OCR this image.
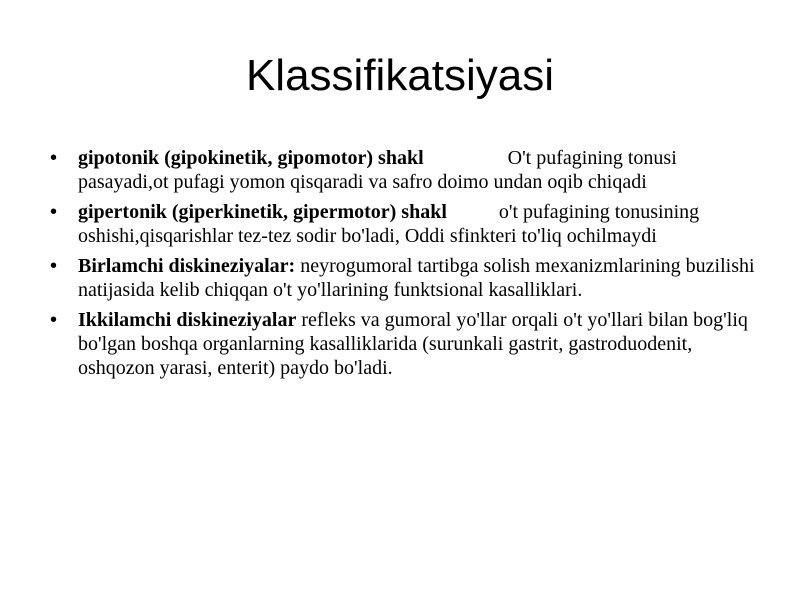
Klassifikatsiyasi
• gipotonik (gipokinetik, gipomotor) shakl	O't pufagining tonusi pasayadi,ot pufagi yomon qisqaradi va safro doimo undan oqib chiqadi
• gipertonik (giperkinetik, gipermotor) shakl	o't pufagining tonusining oshishi,qisqarishlar tez-tez sodir bo'ladi, Oddi sfinkteri to'liq ochilmaydi
• Birlamchi diskineziyalar: neyrogumoral tartibga solish mexanizmlarining buzilishi natijasida kelib chiqqan o't yo'llarining funktsional kasalliklari.
• Ikkilamchi diskineziyalar refleks va gumoral yo'llar orqali o't yo'llari bilan bog'liq bo'lgan boshqa organlarning kasalliklarida (surunkali gastrit, gastroduodenit, oshqozon yarasi, enterit) paydo bo'ladi.
